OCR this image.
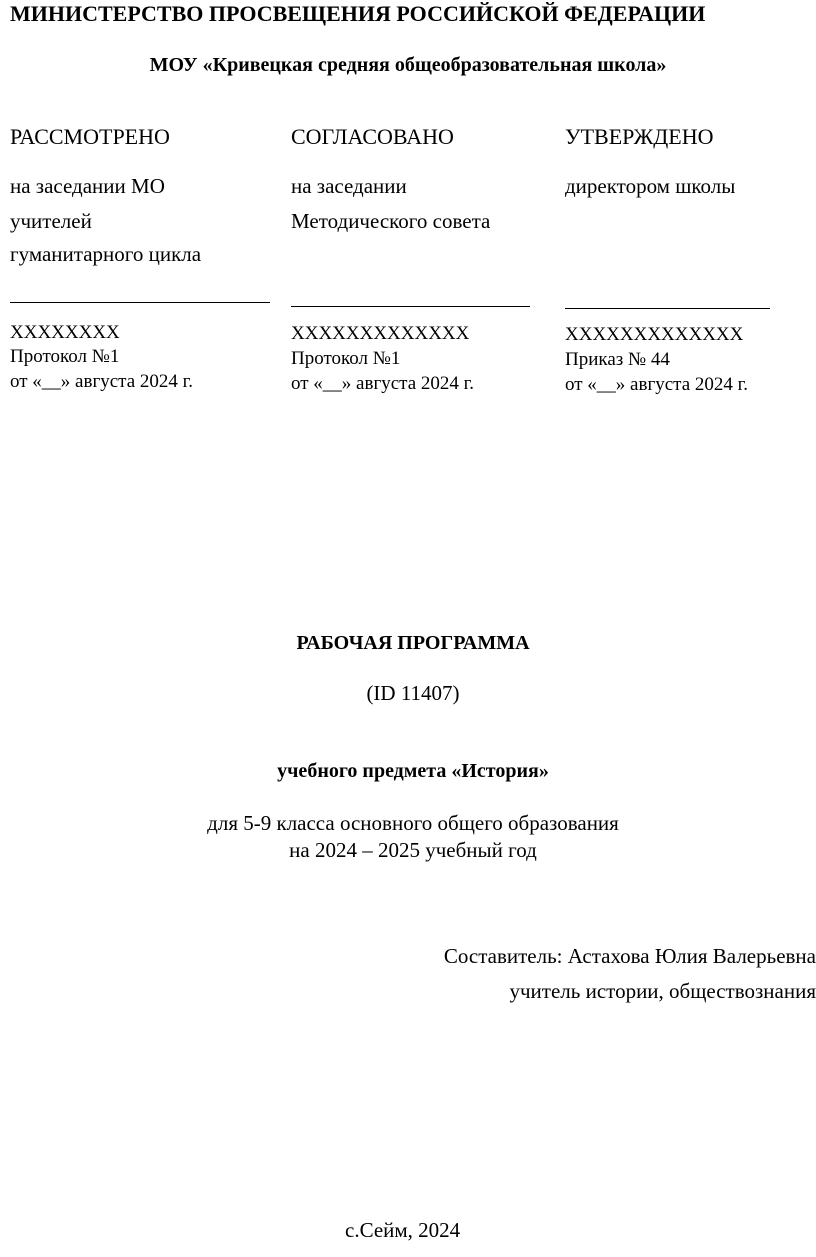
МИНИСТЕРСТВО ПРОСВЕЩЕНИЯ РОССИЙСКОЙ ФЕДЕРАЦИИ
МОУ «Кривецкая средняя общеобразовательная школа»
РАССМОТРЕНО
на заседании МО
учителей
гуманитарного цикла
ХХХХХХХХ
Протокол №1
от «__» августа 2024 г.
СОГЛАСОВАНО
на заседании
Методического совета
ХХХХХХХХХХХХХ
Протокол №1
от «__» августа 2024 г.
УТВЕРЖДЕНО
директором школы
ХХХХХХХХХХХХХ
Приказ № 44
от «__» августа 2024 г.
РАБОЧАЯ ПРОГРАММА
(ID 11407)
учебного предмета «История»
для 5-9 класса основного общего образования
на 2024 – 2025 учебный год
Составитель: Астахова Юлия Валерьевна
учитель истории, обществознания
с.Сейм, 2024
